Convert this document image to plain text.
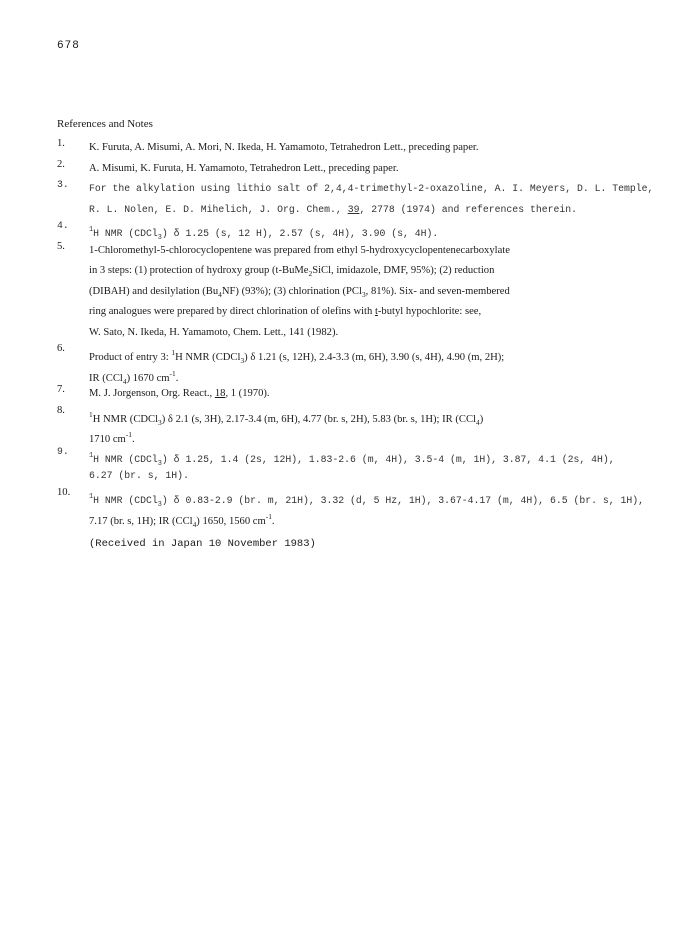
678
References and Notes
1. K. Furuta, A. Misumi, A. Mori, N. Ikeda, H. Yamamoto, Tetrahedron Lett., preceding paper.
2. A. Misumi, K. Furuta, H. Yamamoto, Tetrahedron Lett., preceding paper.
3. For the alkylation using lithio salt of 2,4,4-trimethyl-2-oxazoline, A. I. Meyers, D. L. Temple,
R. L. Nolen, E. D. Mihelich, J. Org. Chem., 39, 2778 (1974) and references therein.
4.	$^1$H NMR (CDCl$_3$) δ 1.25 (s, 12 H), 2.57 (s, 4H), 3.90 (s, 4H).
5. 1-Chloromethyl-5-chlorocyclopentene was prepared from ethyl 5-hydroxycyclopentenecarboxylate
in 3 steps: (1) protection of hydroxy group (t-BuMe$_2$SiCl, imidazole, DMF, 95%); (2) reduction
(DIBAH) and desilylation $(Bu_4NF)$ (93%); (3) chlorination (PCl$_3$, 81%). Six- and seven-membered
ring analogues were prepared by direct chlorination of olefins with t-butyl hypochlorite: see,
W. Sato, N. Ikeda, H. Yamamoto, Chem. Lett., 141 (1982).
6.
Product of entry 3: $^1$H NMR (CDCl$_3$) δ 1.21 (s, 12H), 2.4-3.3 (m, 6H), 3.90 (s, 4H), 4.90 (m, 2H);
IR (CCl$_4$) 1670 $cm^{-1}$.
7. M. J. Jorgenson, Org. React., 18, 1 (1970).
8.	$^1$H NMR (CDCl$_3$) δ 2.1 (s, 3H), 2.17-3.4 (m, 6H), 4.77 (br. s, 2H), 5.83 (br. s, 1H); IR (CCl$_4$)
1710 $cm^{-1}$.
9.	$^1$H NMR (CDCl$_3$) δ 1.25, 1.4 (2s, 12H), 1.83-2.6 (m, 4H), 3.5-4 (m, 1H), 3.87, 4.1 (2s, 4H),
6.27 (br. s, 1H).
10.	$^1$H NMR (CDCl$_3$) δ 0.83-2.9 (br. m, 21H), 3.32 (d, 5 Hz, 1H), 3.67-4.17 (m, 4H), 6.5 (br. s, 1H),
7.17 (br. s, 1H); IR (CCl$_4$) 1650, 1560 $cm^{-1}$.
(Received in Japan 10 November 1983)
